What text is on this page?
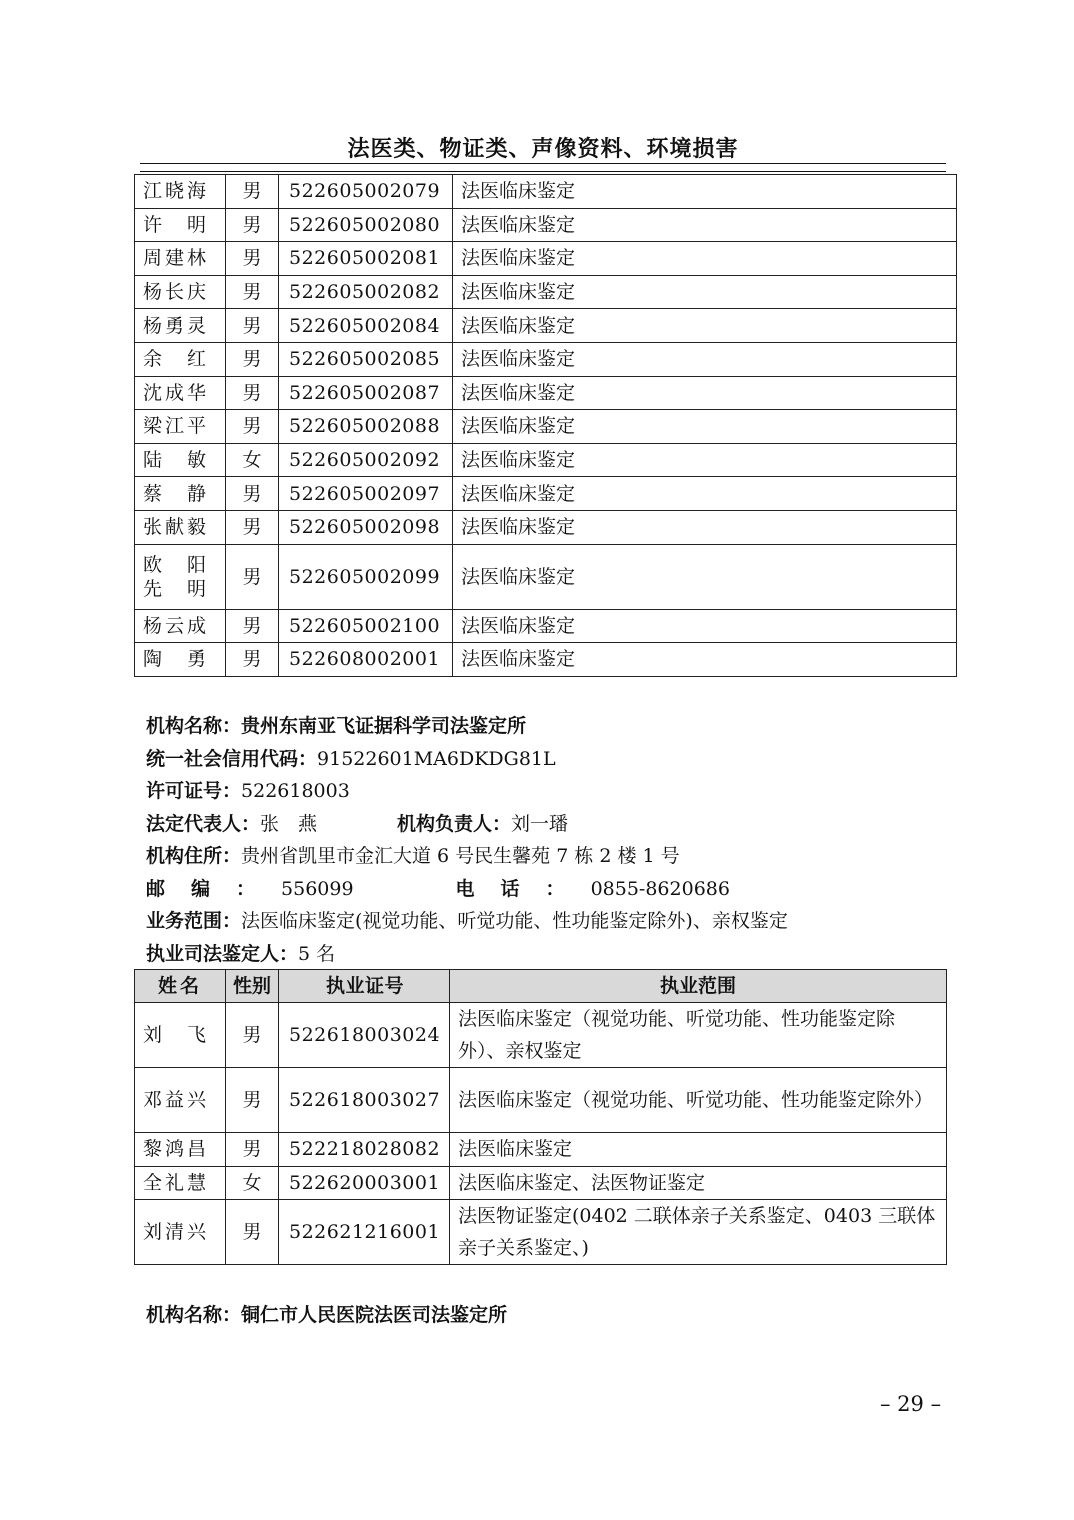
法医类、物证类、声像资料、环境损害
江晓海	男	522605002079	法医临床鉴定
许　明	男	522605002080	法医临床鉴定
周建林	男	522605002081	法医临床鉴定
杨长庆	男	522605002082	法医临床鉴定
杨勇灵	男	522605002084	法医临床鉴定
余　红	男	522605002085	法医临床鉴定
沈成华	男	522605002087	法医临床鉴定
梁江平	男	522605002088	法医临床鉴定
陆　敏	女	522605002092	法医临床鉴定
蔡　静	男	522605002097	法医临床鉴定
张献毅	男	522605002098	法医临床鉴定

欧　阳
先　明	男	522605002099	法医临床鉴定
杨云成	男	522605002100	法医临床鉴定
陶　勇	男	522608002001	法医临床鉴定
机构名称：贵州东南亚飞证据科学司法鉴定所
统一社会信用代码：91522601MA6DKDG81L
许可证号：522618003
法定代表人：张　燕	机构负责人：刘一璠
机构住所：贵州省凯里市金汇大道 6 号民生馨苑 7 栋 2 楼 1 号
邮编：556099	电话：0855-8620686
业务范围：法医临床鉴定(视觉功能、听觉功能、性功能鉴定除外)、亲权鉴定
执业司法鉴定人：5 名
姓名	性别	执业证号	执业范围
刘　飞	男	522618003024	法医临床鉴定（视觉功能、听觉功能、性功能鉴定除外）、亲权鉴定
邓益兴	男	522618003027	法医临床鉴定（视觉功能、听觉功能、性功能鉴定除外）
黎鸿昌	男	522218028082	法医临床鉴定
全礼慧	女	522620003001	法医临床鉴定、法医物证鉴定
刘清兴	男	522621216001	法医物证鉴定(0402 二联体亲子关系鉴定、0403 三联体亲子关系鉴定、)
机构名称：铜仁市人民医院法医司法鉴定所
– 29 –
